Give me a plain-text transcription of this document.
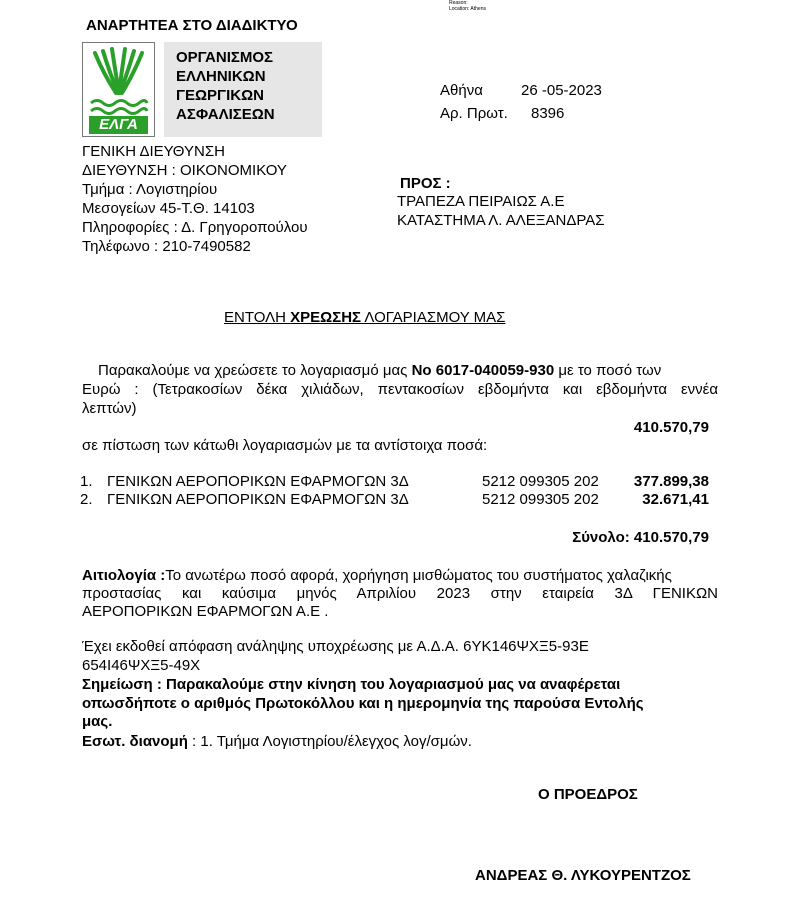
Reason:
Location: Athens
ΑΝΑΡΤΗΤΕΑ ΣΤΟ ΔΙΑΔΙΚΤΥΟ
ΕΛΓΑ
ΟΡΓΑΝΙΣΜΟΣ
ΕΛΛΗΝΙΚΩΝ
ΓΕΩΡΓΙΚΩΝ
ΑΣΦΑΛΙΣΕΩΝ
Αθήνα	26 -05-2023
Αρ. Πρωτ. 8396
ΓΕΝΙΚΗ ΔΙΕΥΘΥΝΣΗ
ΔΙΕΥΘΥΝΣΗ : ΟΙΚΟΝΟΜΙΚΟΥ
Τμήμα : Λογιστηρίου
Μεσογείων 45-Τ.Θ. 14103
Πληροφορίες : Δ. Γρηγοροπούλου
Τηλέφωνο : 210-7490582
ΠΡΟΣ :
ΤΡΑΠΕΖΑ ΠΕΙΡΑΙΩΣ Α.Ε
ΚΑΤΑΣΤΗΜΑ Λ. ΑΛΕΞΑΝΔΡΑΣ
ΕΝΤΟΛΗ ΧΡΕΩΣΗΣ ΛΟΓΑΡΙΑΣΜΟΥ ΜΑΣ
Παρακαλούμε να χρεώσετε το λογαριασμό μας Νο 6017-040059-930 με το ποσό των
Ευρώ : (Τετρακοσίων δέκα χιλιάδων, πεντακοσίων εβδομήντα και εβδομήντα εννέα
λεπτών)
410.570,79
σε πίστωση των κάτωθι λογαριασμών με τα αντίστοιχα ποσά:
1. ΓΕΝΙΚΩΝ ΑΕΡΟΠΟΡΙΚΩΝ ΕΦΑΡΜΟΓΩΝ 3Δ	5212 099305 202 377.899,38
2. ΓΕΝΙΚΩΝ ΑΕΡΟΠΟΡΙΚΩΝ ΕΦΑΡΜΟΓΩΝ 3Δ	5212 099305 202	32.671,41
Σύνολο: 410.570,79
Αιτιολογία :Το ανωτέρω ποσό αφορά, χορήγηση μισθώματος του συστήματος χαλαζικής
προστασίας και καύσιμα μηνός Απριλίου 2023 στην εταιρεία 3Δ ΓΕΝΙΚΩΝ
ΑΕΡΟΠΟΡΙΚΩΝ ΕΦΑΡΜΟΓΩΝ Α.Ε .
Έχει εκδοθεί απόφαση ανάληψης υποχρέωσης με Α.Δ.Α. 6ΥΚ146ΨΧΞ5-93Ε
654Ι46ΨΧΞ5-49Χ
Σημείωση : Παρακαλούμε στην κίνηση του λογαριασμού μας να αναφέρεται
οπωσδήποτε ο αριθμός Πρωτοκόλλου και η ημερομηνία της παρούσα Εντολής
μας.
Εσωτ. διανομή : 1. Τμήμα Λογιστηρίου/έλεγχος λογ/σμών.
Ο ΠΡΟΕΔΡΟΣ
ΑΝΔΡΕΑΣ Θ. ΛΥΚΟΥΡΕΝΤΖΟΣ
